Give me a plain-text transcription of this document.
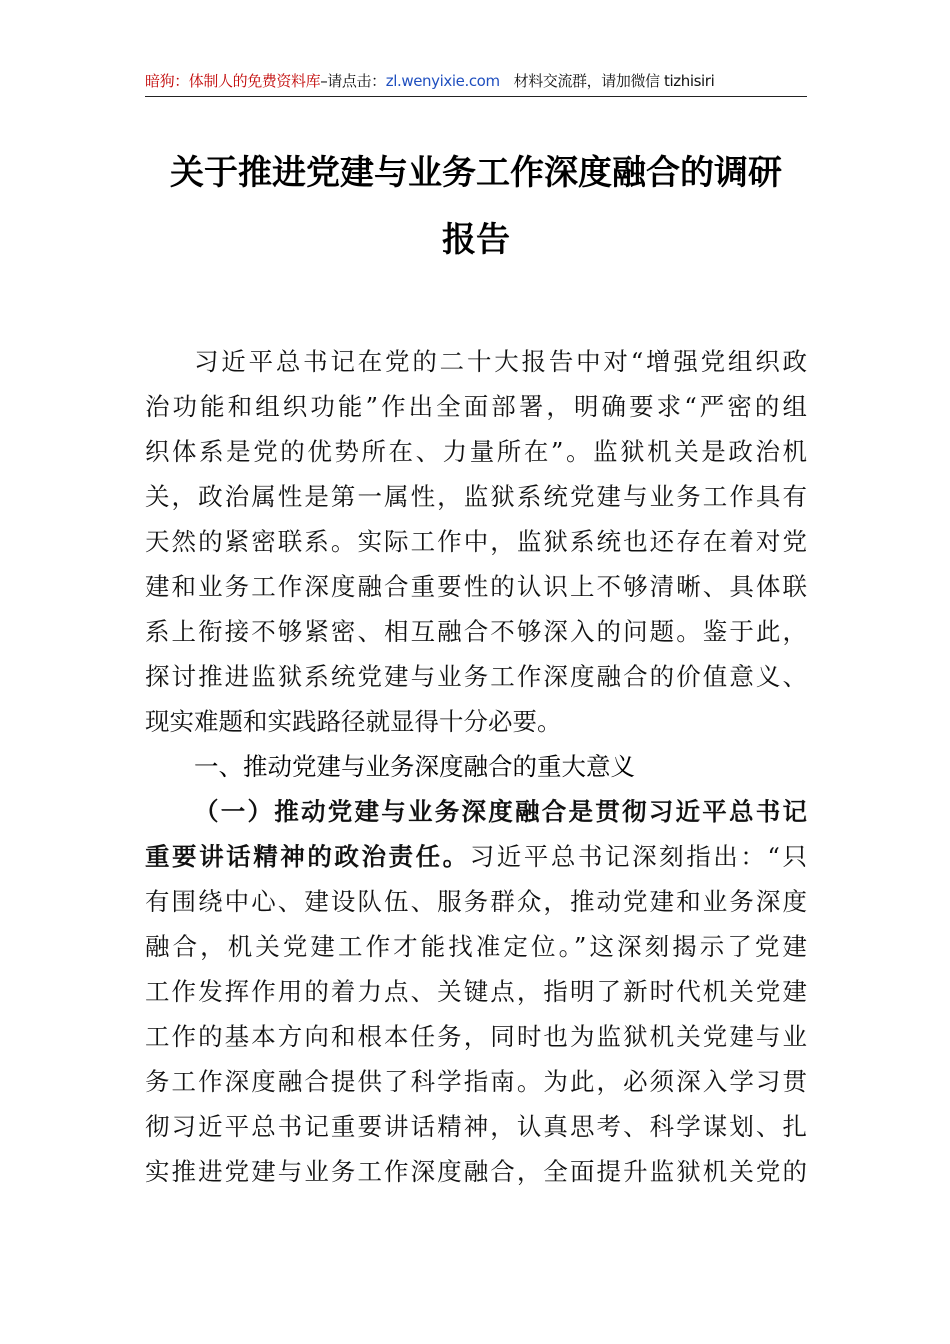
暗狗：体制人的免费资料库–请点击：zl.wenyixie.com 材料交流群，请加微信 tizhisiri
关于推进党建与业务工作深度融合的调研
报告
习近平总书记在党的二十大报告中对“增强党组织政
治功能和组织功能”作出全面部署，明确要求“严密的组
织体系是党的优势所在、力量所在”。监狱机关是政治机
关，政治属性是第一属性，监狱系统党建与业务工作具有
天然的紧密联系。实际工作中，监狱系统也还存在着对党
建和业务工作深度融合重要性的认识上不够清晰、具体联
系上衔接不够紧密、相互融合不够深入的问题。鉴于此，
探讨推进监狱系统党建与业务工作深度融合的价值意义、
现实难题和实践路径就显得十分必要。
一、推动党建与业务深度融合的重大意义
（一）推动党建与业务深度融合是贯彻习近平总书记
重要讲话精神的政治责任。习近平总书记深刻指出：“只
有围绕中心、建设队伍、服务群众，推动党建和业务深度
融合，机关党建工作才能找准定位。”这深刻揭示了党建
工作发挥作用的着力点、关键点，指明了新时代机关党建
工作的基本方向和根本任务，同时也为监狱机关党建与业
务工作深度融合提供了科学指南。为此，必须深入学习贯
彻习近平总书记重要讲话精神，认真思考、科学谋划、扎
实推进党建与业务工作深度融合，全面提升监狱机关党的
